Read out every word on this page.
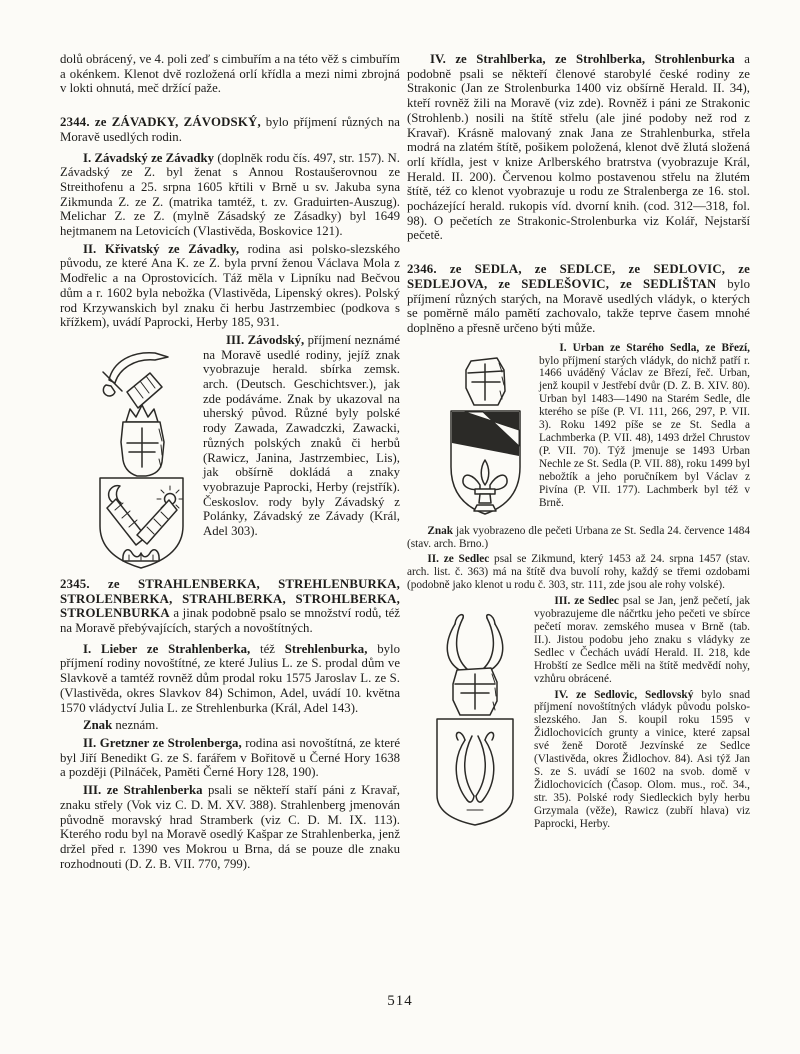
dolů obrácený, ve 4. poli zeď s cimbuřím a na této věž s cimbuřím a okénkem. Klenot dvě rozložená orlí křídla a mezi nimi zbrojná v lokti ohnutá, meč držící paže.

2344. ze ZÁVADKY, ZÁVODSKÝ, bylo příjmení různých na Moravě usedlých rodin.

I. Závadský ze Závadky (doplněk rodu čís. 497, str. 157). N. Závadský ze Z. byl ženat s Annou Rostaušerovnou ze Streithofenu a 25. srpna 1605 křtili v Brně u sv. Jakuba syna Zikmunda Z. ze Z. (matrika tamtéž, t. zv. Graduirten-Auszug). Melichar Z. ze Z. (mylně Zásadský ze Zásadky) byl 1649 hejtmanem na Letovicích (Vlastivěda, Boskovice 121).

II. Křivatský ze Závadky, rodina asi polsko-slezského původu, ze které Ana K. ze Z. byla první ženou Václava Mola z Modřelic a na Oprostovicích. Táž měla v Lipníku nad Bečvou dům a r. 1602 byla nebožka (Vlastivěda, Lipenský okres). Polský rod Krzywanskich byl znaku či herbu Jastrzembiec (podkova s křížkem), uvádí Paprocki, Herby 185, 931.

III. Závodský, příjmení neznámé na Moravě usedlé rodiny, jejíž znak vyobrazuje herald. sbírka zemsk. arch. (Deutsch. Geschichtsver.), jak zde podáváme. Znak by ukazoval na uherský původ. Různé byly polské rody Zawada, Zawadczki, Zawacki, různých polských znaků či herbů (Rawicz, Janina, Jastrzembiec, Lis), jak obšírně dokládá a znaky vyobrazuje Paprocki, Herby (rejstřík). Českoslov. rody byly Závadský z Polánky, Závadský ze Závady (Král, Adel 303).

2345. ze STRAHLENBERKA, STREHLENBURKA, STROLENBERKA, STRAHLBERKA, STROHLBERKA, STROLENBURKA a jinak podobně psalo se množství rodů, též na Moravě přebývajících, starých a novoštítných.

I. Lieber ze Strahlenberka, též Strehlenburka, bylo příjmení rodiny novoštítné, ze které Julius L. ze S. prodal dům ve Slavkově a tamtéž rovněž dům prodal roku 1575 Jaroslav L. ze S. (Vlastivěda, okres Slavkov 84) Schimon, Adel, uvádí 10. května 1570 vládyctví Julia L. ze Strehlenburka (Král, Adel 143).

Znak neznám.

II. Gretzner ze Strolenberga, rodina asi novoštítná, ze které byl Jiří Benedikt G. ze S. farářem v Bořitově u Černé Hory 1638 a později (Pilnáček, Paměti Černé Hory 128, 190).

III. ze Strahlenberka psali se někteří staří páni z Kravař, znaku střely (Vok viz C. D. M. XV. 388). Strahlenberg jmenován původně moravský hrad Stramberk (viz C. D. M. IX. 113). Kterého rodu byl na Moravě osedlý Kašpar ze Strahlenberka, jenž držel před r. 1390 ves Mokrou u Brna, dá se pouze dle znaku rozhodnouti (D. Z. B. VII. 770, 799).

IV. ze Strahlberka, ze Strohlberka, Strohlenburka a podobně psali se někteří členové starobylé české rodiny ze Strakonic (Jan ze Strolenburka 1400 viz obšírně Herald. II. 34), kteří rovněž žili na Moravě (viz zde). Rovněž i páni ze Strakonic (Strohlenb.) nosili na štítě střelu (ale jiné podoby než rod z Kravař). Krásně malovaný znak Jana ze Strahlenburka, střela modrá na zlatém štítě, pošikem položená, klenot dvě žlutá složená orlí křídla, jest v knize Arlberského bratrstva (vyobrazuje Král, Herald. II. 200). Červenou kolmo postavenou střelu na žlutém štítě, též co klenot vyobrazuje u rodu ze Stralenberga ze 16. stol. pocházející herald. rukopis víd. dvorní knih. (cod. 312—318, fol. 98). O pečetích ze Strakonic-Strolenburka viz Kolář, Nejstarší pečetě.

2346. ze SEDLA, ze SEDLCE, ze SEDLOVIC, ze SEDLEJOVA, ze SEDLEŠOVIC, ze SEDLIŠTAN bylo příjmení různých starých, na Moravě usedlých vládyk, o kterých se poměrně málo pamětí zachovalo, takže teprve časem mnohé doplněno a přesně určeno býti může.

I. Urban ze Starého Sedla, ze Březí, bylo příjmení starých vládyk, do nichž patří r. 1466 uváděný Václav ze Březí, řeč. Urban, jenž koupil v Jestřebí dvůr (D. Z. B. XIV. 80). Urban byl 1483—1490 na Starém Sedle, dle kterého se píše (P. VI. 111, 266, 297, P. VII. 3). Roku 1492 píše se ze St. Sedla a Lachmberka (P. VII. 48), 1493 držel Chrustov (P. VII. 70). Týž jmenuje se 1493 Urban Nechle ze St. Sedla (P. VII. 88), roku 1499 byl nebožtík a jeho poručníkem byl Václav z Pivína (P. VII. 177). Lachmberk byl též v Brně.

Znak jak vyobrazeno dle pečeti Urbana ze St. Sedla 24. července 1484 (stav. arch. Brno.)

II. ze Sedlec psal se Zikmund, který 1453 až 24. srpna 1457 (stav. arch. list. č. 363) má na štítě dva buvolí rohy, každý se třemi ozdobami (podobně jako klenot u rodu č. 303, str. 111, zde jsou ale rohy volské).

III. ze Sedlec psal se Jan, jenž pečetí, jak vyobrazujeme dle náčrtku jeho pečeti ve sbírce pečetí morav. zemského musea v Brně (tab. II.). Jistou podobu jeho znaku s vládyky ze Sedlec v Čechách uvádí Herald. II. 218, kde Hrobští ze Sedlce měli na štítě medvědí nohy, vzhůru obrácené.

IV. ze Sedlovic, Sedlovský bylo snad příjmení novoštítných vládyk původu polsko-slezského. Jan S. koupil roku 1595 v Židlochovicích grunty a vinice, které zapsal své ženě Dorotě Jezvínské ze Sedlce (Vlastivěda, okres Židlochov. 84). Asi týž Jan S. ze S. uvádí se 1602 na svob. domě v Židlochovicích (Časop. Olom. mus., roč. 34., str. 35). Polské rody Siedleckich byly herbu Grzymala (věže), Rawicz (zubří hlava) viz Paprocki, Herby.

514
